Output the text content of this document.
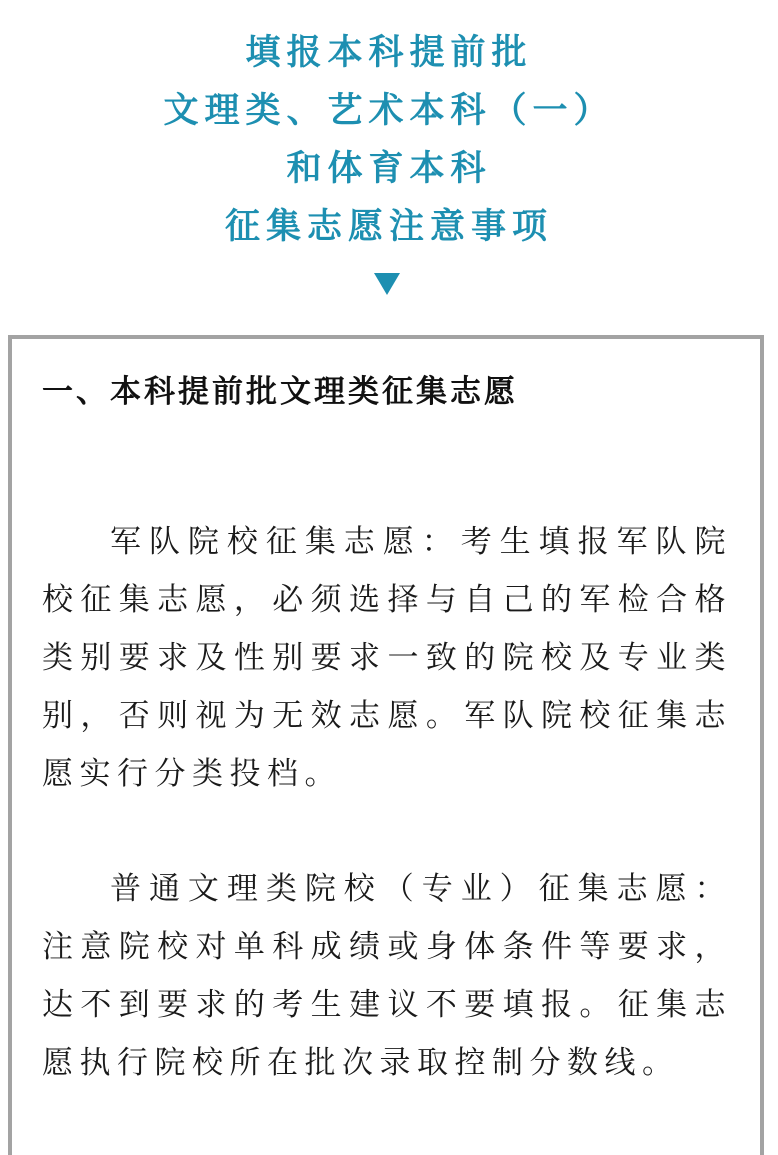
填报本科提前批
文理类、艺术本科（一）
和体育本科
征集志愿注意事项
一、本科提前批文理类征集志愿

军队院校征集志愿：考生填报军队院校征集志愿，必须选择与自己的军检合格类别要求及性别要求一致的院校及专业类别，否则视为无效志愿。军队院校征集志愿实行分类投档。

普通文理类院校（专业）征集志愿：注意院校对单科成绩或身体条件等要求，达不到要求的考生建议不要填报。征集志愿执行院校所在批次录取控制分数线。
